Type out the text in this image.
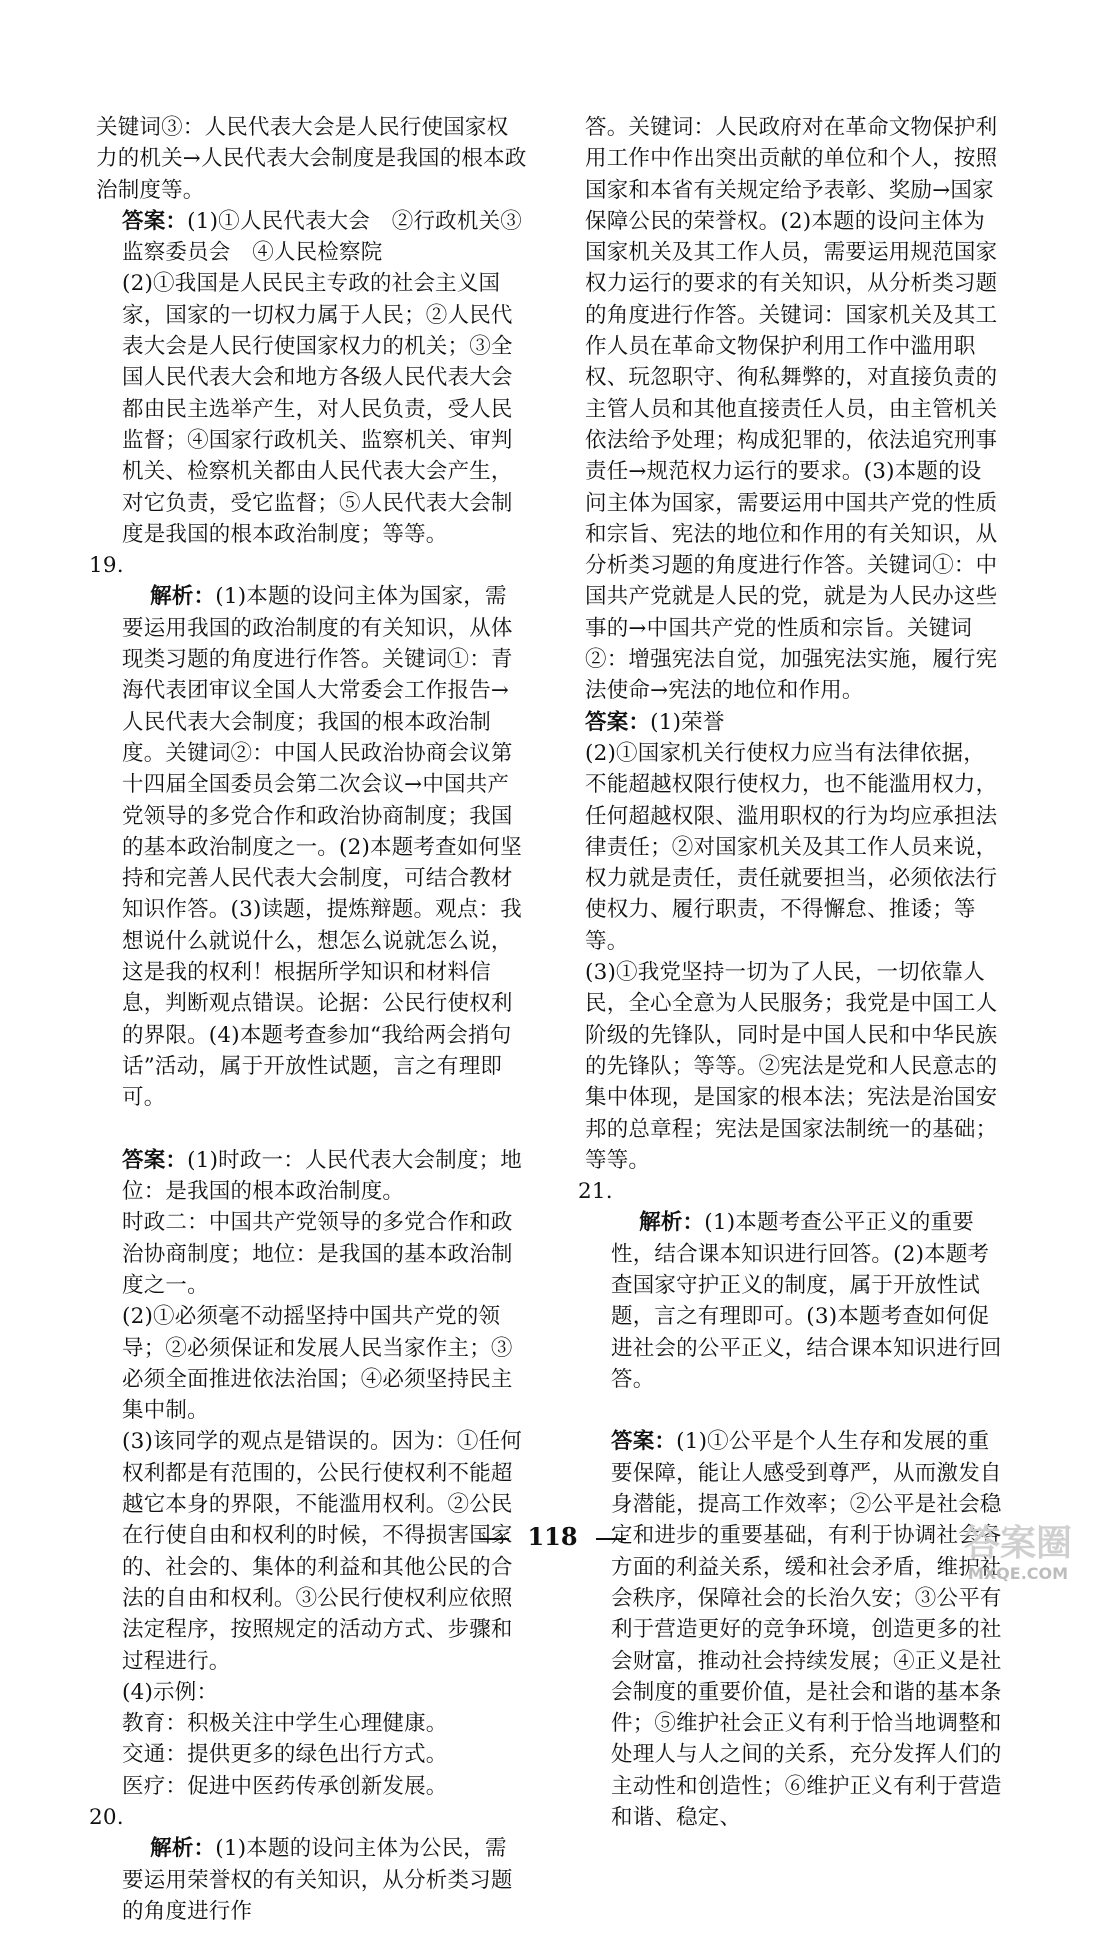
关键词③：人民代表大会是人民行使国家权力的机关→人民代表大会制度是我国的根本政治制度等。

答案：(1)①人民代表大会　②行政机关③监察委员会　④人民检察院

(2)①我国是人民民主专政的社会主义国家，国家的一切权力属于人民；②人民代表大会是人民行使国家权力的机关；③全国人民代表大会和地方各级人民代表大会都由民主选举产生，对人民负责，受人民监督；④国家行政机关、监察机关、审判机关、检察机关都由人民代表大会产生，对它负责，受它监督；⑤人民代表大会制度是我国的根本政治制度；等等。

19.
解析：(1)本题的设问主体为国家，需要运用我国的政治制度的有关知识，从体现类习题的角度进行作答。关键词①：青海代表团审议全国人大常委会工作报告→人民代表大会制度；我国的根本政治制度。关键词②：中国人民政治协商会议第十四届全国委员会第二次会议→中国共产党领导的多党合作和政治协商制度；我国的基本政治制度之一。(2)本题考查如何坚持和完善人民代表大会制度，可结合教材知识作答。(3)读题，提炼辩题。观点：我想说什么就说什么，想怎么说就怎么说，这是我的权利！根据所学知识和材料信息，判断观点错误。论据：公民行使权利的界限。(4)本题考查参加“我给两会捎句话”活动，属于开放性试题，言之有理即可。

答案：(1)时政一：人民代表大会制度；地位：是我国的根本政治制度。

时政二：中国共产党领导的多党合作和政治协商制度；地位：是我国的基本政治制度之一。

(2)①必须毫不动摇坚持中国共产党的领导；②必须保证和发展人民当家作主；③必须全面推进依法治国；④必须坚持民主集中制。

(3)该同学的观点是错误的。因为：①任何权利都是有范围的，公民行使权利不能超越它本身的界限，不能滥用权利。②公民在行使自由和权利的时候，不得损害国家的、社会的、集体的利益和其他公民的合法的自由和权利。③公民行使权利应依照法定程序，按照规定的活动方式、步骤和过程进行。

(4)示例：

教育：积极关注中学生心理健康。

交通：提供更多的绿色出行方式。

医疗：促进中医药传承创新发展。

20.
解析：(1)本题的设问主体为公民，需要运用荣誉权的有关知识，从分析类习题的角度进行作

答。关键词：人民政府对在革命文物保护利用工作中作出突出贡献的单位和个人，按照国家和本省有关规定给予表彰、奖励→国家保障公民的荣誉权。(2)本题的设问主体为国家机关及其工作人员，需要运用规范国家权力运行的要求的有关知识，从分析类习题的角度进行作答。关键词：国家机关及其工作人员在革命文物保护利用工作中滥用职权、玩忽职守、徇私舞弊的，对直接负责的主管人员和其他直接责任人员，由主管机关依法给予处理；构成犯罪的，依法追究刑事责任→规范权力运行的要求。(3)本题的设问主体为国家，需要运用中国共产党的性质和宗旨、宪法的地位和作用的有关知识，从分析类习题的角度进行作答。关键词①：中国共产党就是人民的党，就是为人民办这些事的→中国共产党的性质和宗旨。关键词②：增强宪法自觉，加强宪法实施，履行宪法使命→宪法的地位和作用。

答案：(1)荣誉

(2)①国家机关行使权力应当有法律依据，不能超越权限行使权力，也不能滥用权力，任何超越权限、滥用职权的行为均应承担法律责任；②对国家机关及其工作人员来说，权力就是责任，责任就要担当，必须依法行使权力、履行职责，不得懈怠、推诿；等等。

(3)①我党坚持一切为了人民，一切依靠人民，全心全意为人民服务；我党是中国工人阶级的先锋队，同时是中国人民和中华民族的先锋队；等等。②宪法是党和人民意志的集中体现，是国家的根本法；宪法是治国安邦的总章程；宪法是国家法制统一的基础；等等。

21.
解析：(1)本题考查公平正义的重要性，结合课本知识进行回答。(2)本题考查国家守护正义的制度，属于开放性试题，言之有理即可。(3)本题考查如何促进社会的公平正义，结合课本知识进行回答。

答案：(1)①公平是个人生存和发展的重要保障，能让人感受到尊严，从而激发自身潜能，提高工作效率；②公平是社会稳定和进步的重要基础，有利于协调社会各方面的利益关系，缓和社会矛盾，维护社会秩序，保障社会的长治久安；③公平有利于营造更好的竞争环境，创造更多的社会财富，推动社会持续发展；④正义是社会制度的重要价值，是社会和谐的基本条件；⑤维护社会正义有利于恰当地调整和处理人与人之间的关系，充分发挥人们的主动性和创造性；⑥维护正义有利于营造和谐、稳定、

118	答案圈
MXQE.COM
